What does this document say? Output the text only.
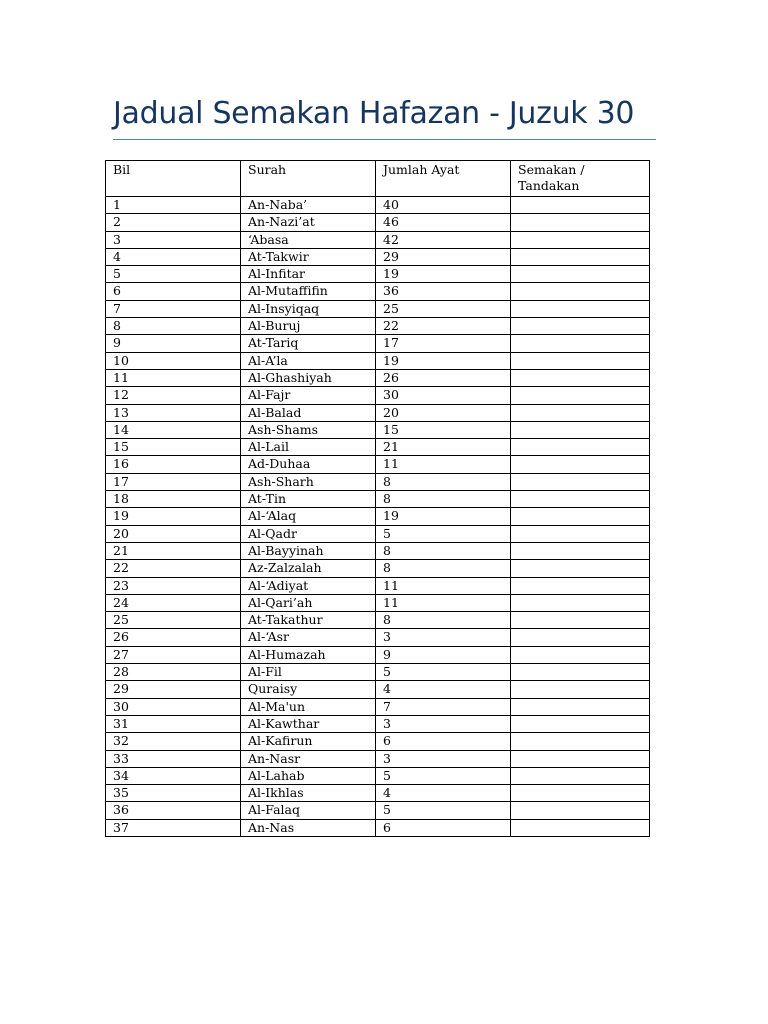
Jadual Semakan Hafazan - Juzuk 30
Bil	Surah	Jumlah Ayat	Semakan / Tandakan
1	An-Naba’	40	
2	An-Nazi’at	46	
3	‘Abasa	42	
4	At-Takwir	29	
5	Al-Infitar	19	
6	Al-Mutaffifin	36	
7	Al-Insyiqaq	25	
8	Al-Buruj	22	
9	At-Tariq	17	
10	Al-A’la	19	
11	Al-Ghashiyah	26	
12	Al-Fajr	30	
13	Al-Balad	20	
14	Ash-Shams	15	
15	Al-Lail	21	
16	Ad-Duhaa	11	
17	Ash-Sharh	8	
18	At-Tin	8	
19	Al-‘Alaq	19	
20	Al-Qadr	5	
21	Al-Bayyinah	8	
22	Az-Zalzalah	8	
23	Al-‘Adiyat	11	
24	Al-Qari’ah	11	
25	At-Takathur	8	
26	Al-‘Asr	3	
27	Al-Humazah	9	
28	Al-Fil	5	
29	Quraisy	4	
30	Al-Ma'un	7	
31	Al-Kawthar	3	
32	Al-Kafirun	6	
33	An-Nasr	3	
34	Al-Lahab	5	
35	Al-Ikhlas	4	
36	Al-Falaq	5	
37	An-Nas	6	
